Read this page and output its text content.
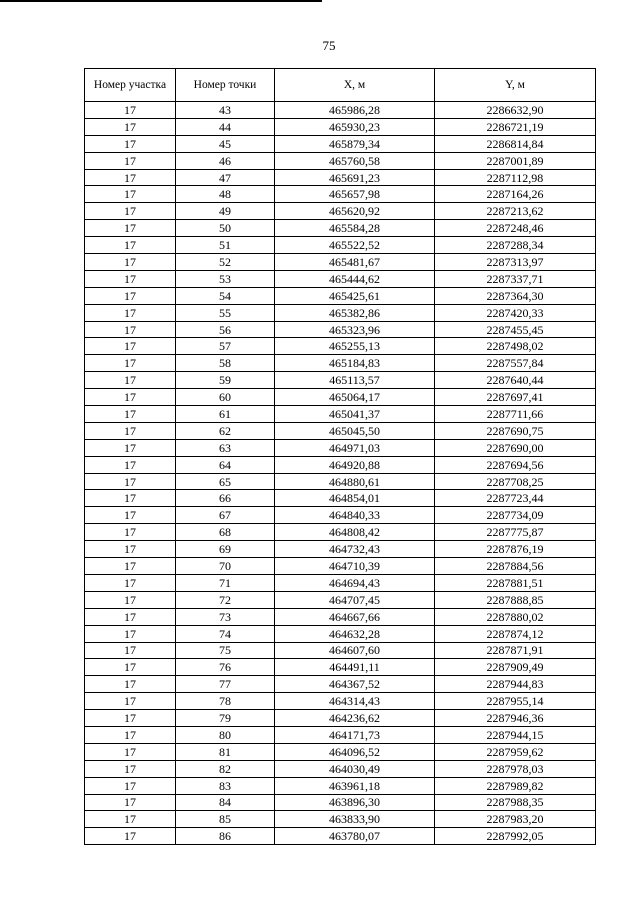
75
Номер участка	Номер точки	X, м	Y, м
17	43	465986,28	2286632,90
17	44	465930,23	2286721,19
17	45	465879,34	2286814,84
17	46	465760,58	2287001,89
17	47	465691,23	2287112,98
17	48	465657,98	2287164,26
17	49	465620,92	2287213,62
17	50	465584,28	2287248,46
17	51	465522,52	2287288,34
17	52	465481,67	2287313,97
17	53	465444,62	2287337,71
17	54	465425,61	2287364,30
17	55	465382,86	2287420,33
17	56	465323,96	2287455,45
17	57	465255,13	2287498,02
17	58	465184,83	2287557,84
17	59	465113,57	2287640,44
17	60	465064,17	2287697,41
17	61	465041,37	2287711,66
17	62	465045,50	2287690,75
17	63	464971,03	2287690,00
17	64	464920,88	2287694,56
17	65	464880,61	2287708,25
17	66	464854,01	2287723,44
17	67	464840,33	2287734,09
17	68	464808,42	2287775,87
17	69	464732,43	2287876,19
17	70	464710,39	2287884,56
17	71	464694,43	2287881,51
17	72	464707,45	2287888,85
17	73	464667,66	2287880,02
17	74	464632,28	2287874,12
17	75	464607,60	2287871,91
17	76	464491,11	2287909,49
17	77	464367,52	2287944,83
17	78	464314,43	2287955,14
17	79	464236,62	2287946,36
17	80	464171,73	2287944,15
17	81	464096,52	2287959,62
17	82	464030,49	2287978,03
17	83	463961,18	2287989,82
17	84	463896,30	2287988,35
17	85	463833,90	2287983,20
17	86	463780,07	2287992,05
